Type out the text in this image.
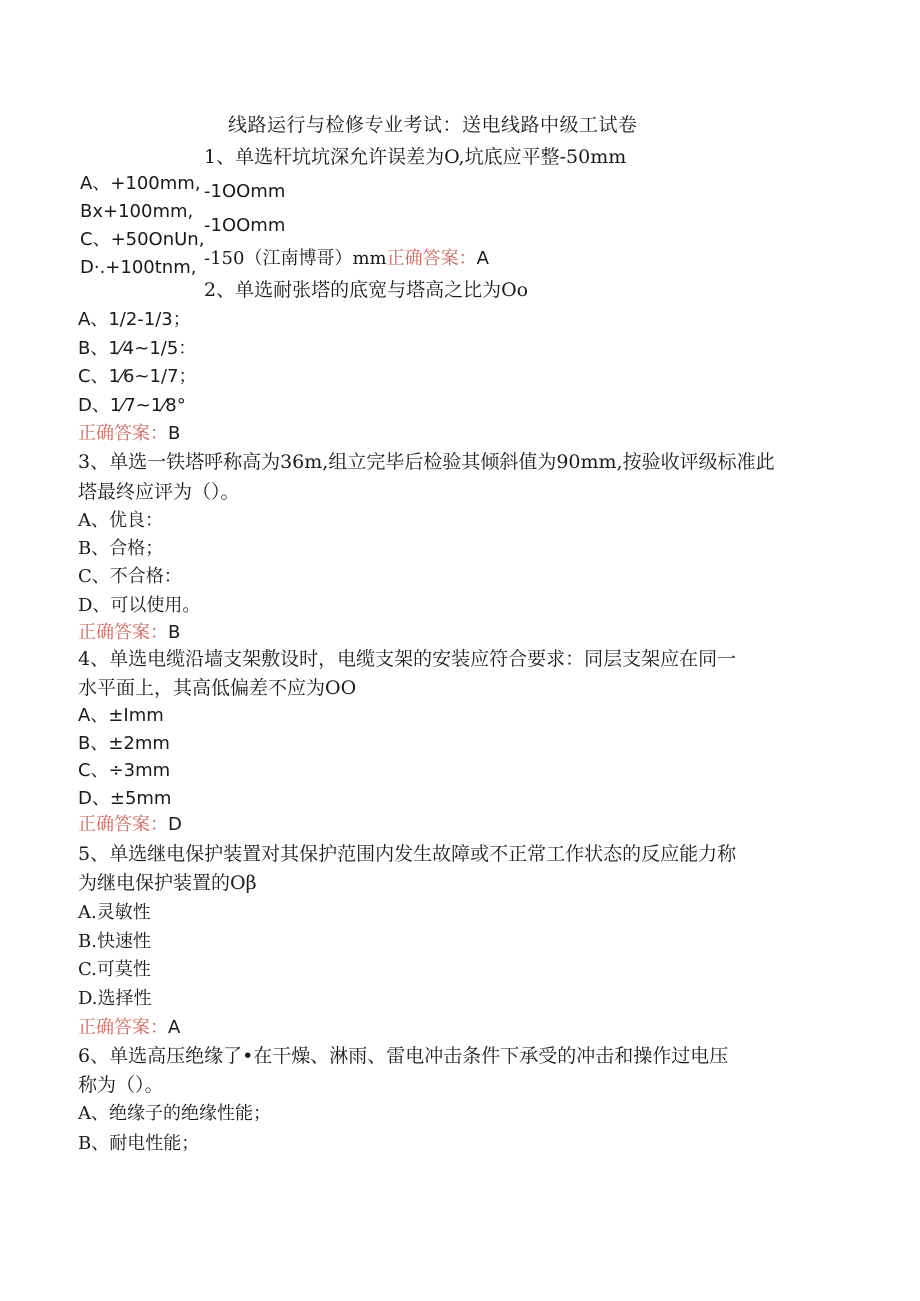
线路运行与检修专业考试：送电线路中级工试卷
1、单选杆坑坑深允许误差为O,坑底应平整-50mm
A、+100mm,
Bx+100mm,
C、+50OnUn,
D·.+100tnm,
-1OOmm
-1OOmm
-150（江南博哥）mm正确答案：A
2、单选耐张塔的底宽与塔高之比为Oo
A、1/2-1/3；
B、1⁄4~1/5：
C、1⁄6~1/7；
D、1⁄7~1⁄8°
正确答案：B
3、单选一铁塔呼称高为36m,组立完毕后检验其倾斜值为90mm,按验收评级标准此
塔最终应评为（）。
A、优良：
B、合格；
C、不合格：
D、可以使用。
正确答案：B
4、单选电缆沿墙支架敷设时，电缆支架的安装应符合要求：同层支架应在同一
水平面上，其高低偏差不应为OO
A、±Imm
B、±2mm
C、÷3mm
D、±5mm
正确答案：D
5、单选继电保护装置对其保护范围内发生故障或不正常工作状态的反应能力称
为继电保护装置的Oβ
A.灵敏性
B.快速性
C.可莫性
D.选择性
正确答案：A
6、单选高压绝缘了•在干燥、淋雨、雷电冲击条件下承受的冲击和操作过电压
称为（）。
A、绝缘子的绝缘性能；
B、耐电性能；
